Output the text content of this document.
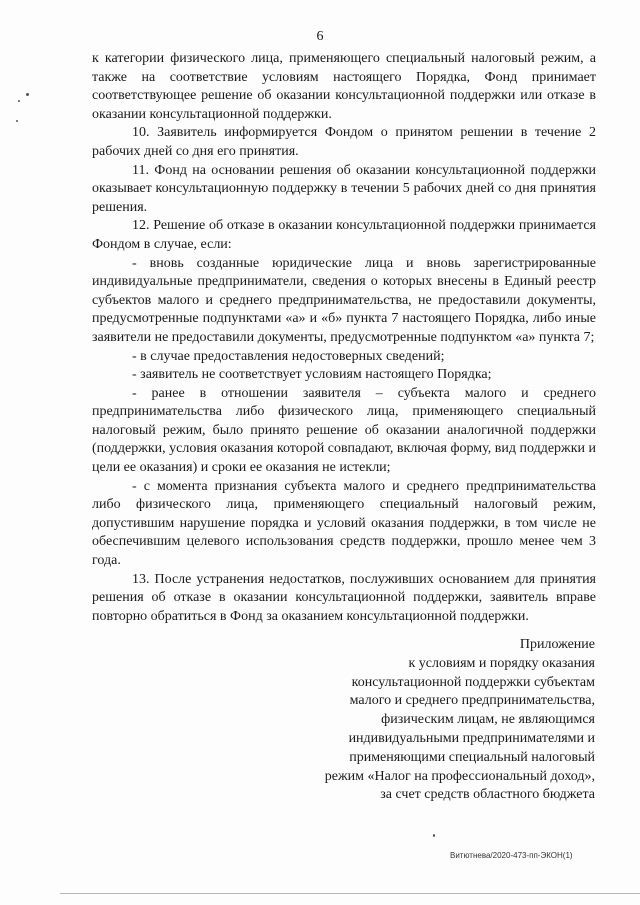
6

к категории физического лица, применяющего специальный налоговый режим, а также на соответствие условиям настоящего Порядка, Фонд принимает соответствующее решение об оказании консультационной поддержки или отказе в оказании консультационной поддержки.

10. Заявитель информируется Фондом о принятом решении в течение 2 рабочих дней со дня его принятия.

11. Фонд на основании решения об оказании консультационной поддержки оказывает консультационную поддержку в течении 5 рабочих дней со дня принятия решения.

12. Решение об отказе в оказании консультационной поддержки принимается Фондом в случае, если:

- вновь созданные юридические лица и вновь зарегистрированные индивидуальные предприниматели, сведения о которых внесены в Единый реестр субъектов малого и среднего предпринимательства, не предоставили документы, предусмотренные подпунктами «а» и «б» пункта 7 настоящего Порядка, либо иные заявители не предоставили документы, предусмотренные подпунктом «а» пункта 7;

- в случае предоставления недостоверных сведений;

- заявитель не соответствует условиям настоящего Порядка;

- ранее в отношении заявителя – субъекта малого и среднего предпринимательства либо физического лица, применяющего специальный налоговый режим, было принято решение об оказании аналогичной поддержки (поддержки, условия оказания которой совпадают, включая форму, вид поддержки и цели ее оказания) и сроки ее оказания не истекли;

- с момента признания субъекта малого и среднего предпринимательства либо физического лица, применяющего специальный налоговый режим, допустившим нарушение порядка и условий оказания поддержки, в том числе не обеспечившим целевого использования средств поддержки, прошло менее чем 3 года.

13. После устранения недостатков, послуживших основанием для принятия решения об отказе в оказании консультационной поддержки, заявитель вправе повторно обратиться в Фонд за оказанием консультационной поддержки.

Приложение
к условиям и порядку оказания
консультационной поддержки субъектам
малого и среднего предпринимательства,
физическим лицам, не являющимся
индивидуальными предпринимателями и
применяющими специальный налоговый
режим «Налог на профессиональный доход»,
за счет средств областного бюджета
Витютнева/2020-473-пп-ЭКОН(1)
